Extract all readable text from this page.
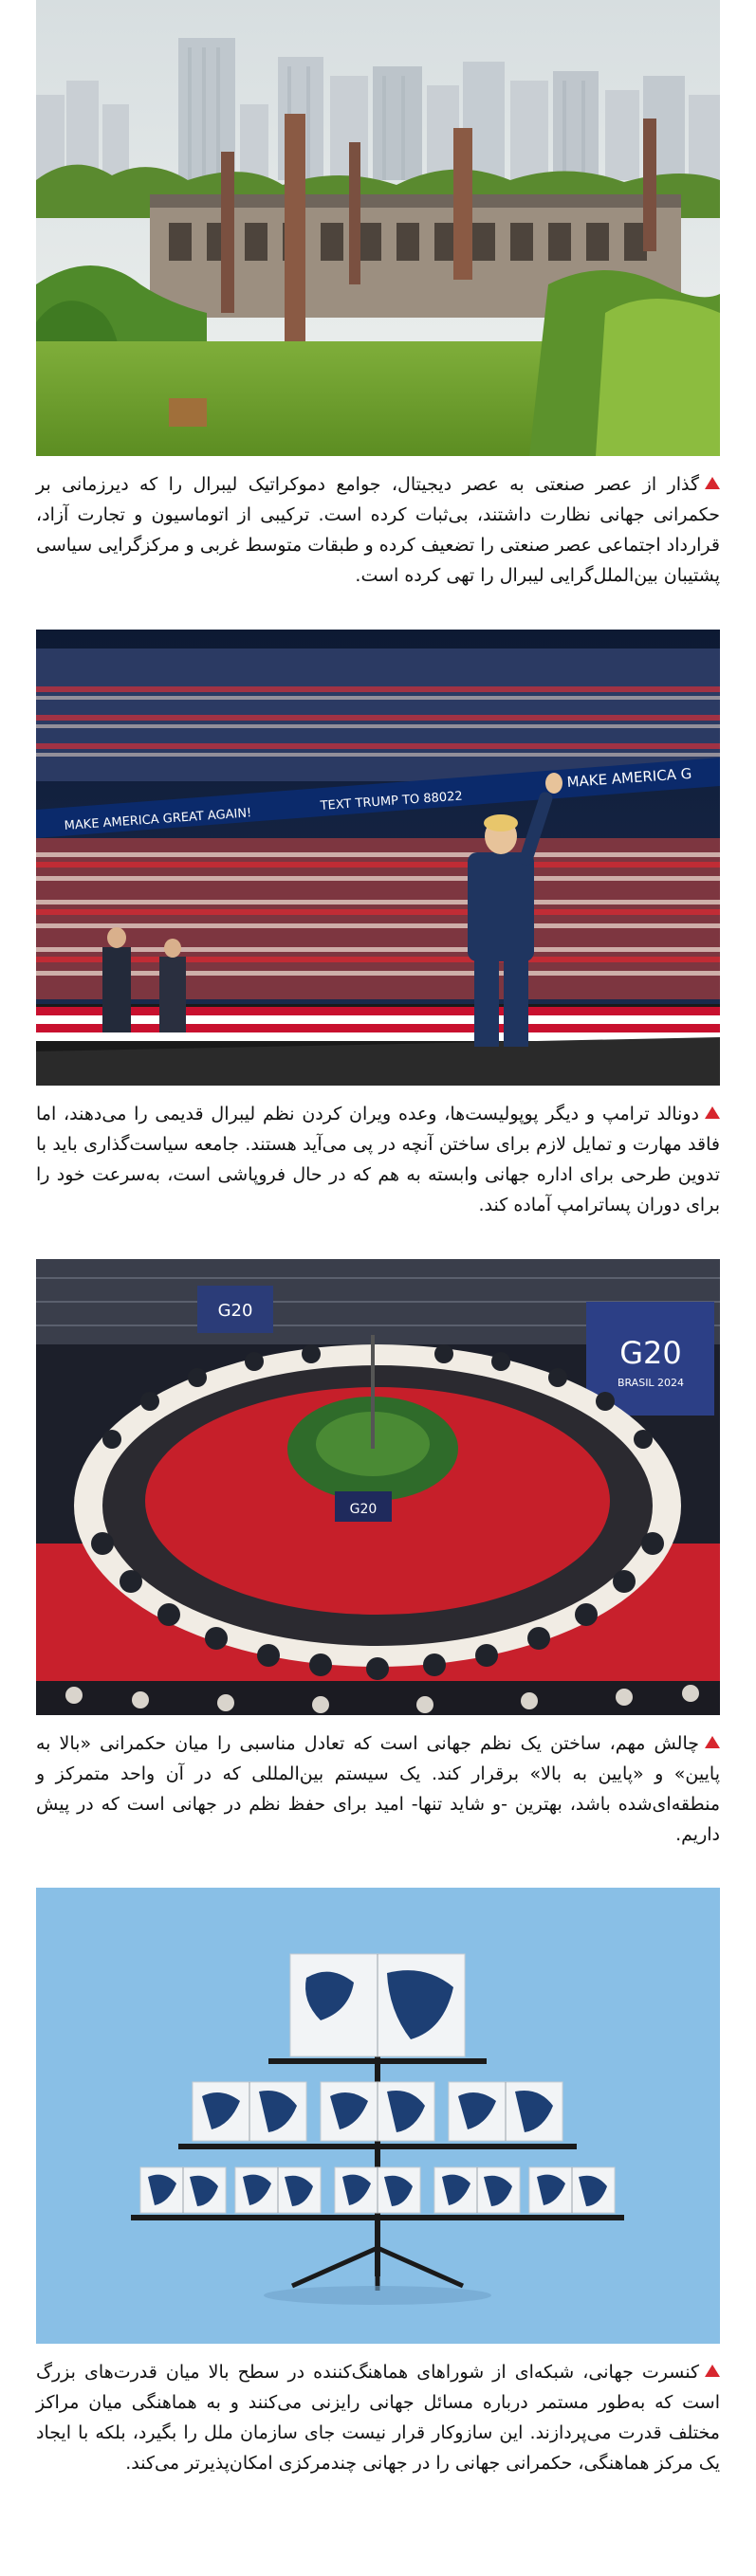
گذار از عصر صنعتی به عصر دیجیتال، جوامع دموکراتیک لیبرال را که دیرزمانی بر حکمرانی جهانی نظارت داشتند، بی‌ثبات کرده است. ترکیبی از اتوماسیون و تجارت آزاد، قرارداد اجتماعی عصر صنعتی را تضعیف کرده و طبقات متوسط غربی و مرکزگرایی سیاسی پشتیبان بین‌الملل‌گرایی لیبرال را تهی کرده است.
MAKE AMERICA GREAT AGAIN!
TEXT TRUMP TO 88022
MAKE AMERICA G
دونالد ترامپ و دیگر پوپولیست‌ها، وعده ویران کردن نظم لیبرال قدیمی را می‌دهند، اما فاقد مهارت و تمایل لازم برای ساختن آنچه در پی می‌آید هستند. جامعه سیاست‌گذاری باید با تدوین طرحی برای اداره جهانی وابسته به هم که در حال فروپاشی است، به‌سرعت خود را برای دوران پساترامپ آماده کند.
G20
G20
BRASIL 2024
G20
چالش مهم، ساختن یک نظم جهانی است که تعادل مناسبی را میان حکمرانی «بالا به پایین» و «پایین به بالا» برقرار کند. یک سیستم بین‌المللی که در آن واحد متمرکز و منطقه‌ای‌شده باشد، بهترین -و شاید تنها- امید برای حفظ نظم در جهانی است که در پیش داریم.
کنسرت جهانی، شبکه‌ای از شوراهای هماهنگ‌کننده در سطح بالا میان قدرت‌های بزرگ است که به‌طور مستمر درباره مسائل جهانی رایزنی می‌کنند و به هماهنگی میان مراکز مختلف قدرت می‌پردازند. این سازوکار قرار نیست جای سازمان ملل را بگیرد، بلکه با ایجاد یک مرکز هماهنگی، حکمرانی جهانی را در جهانی چندمرکزی امکان‌پذیرتر می‌کند.
